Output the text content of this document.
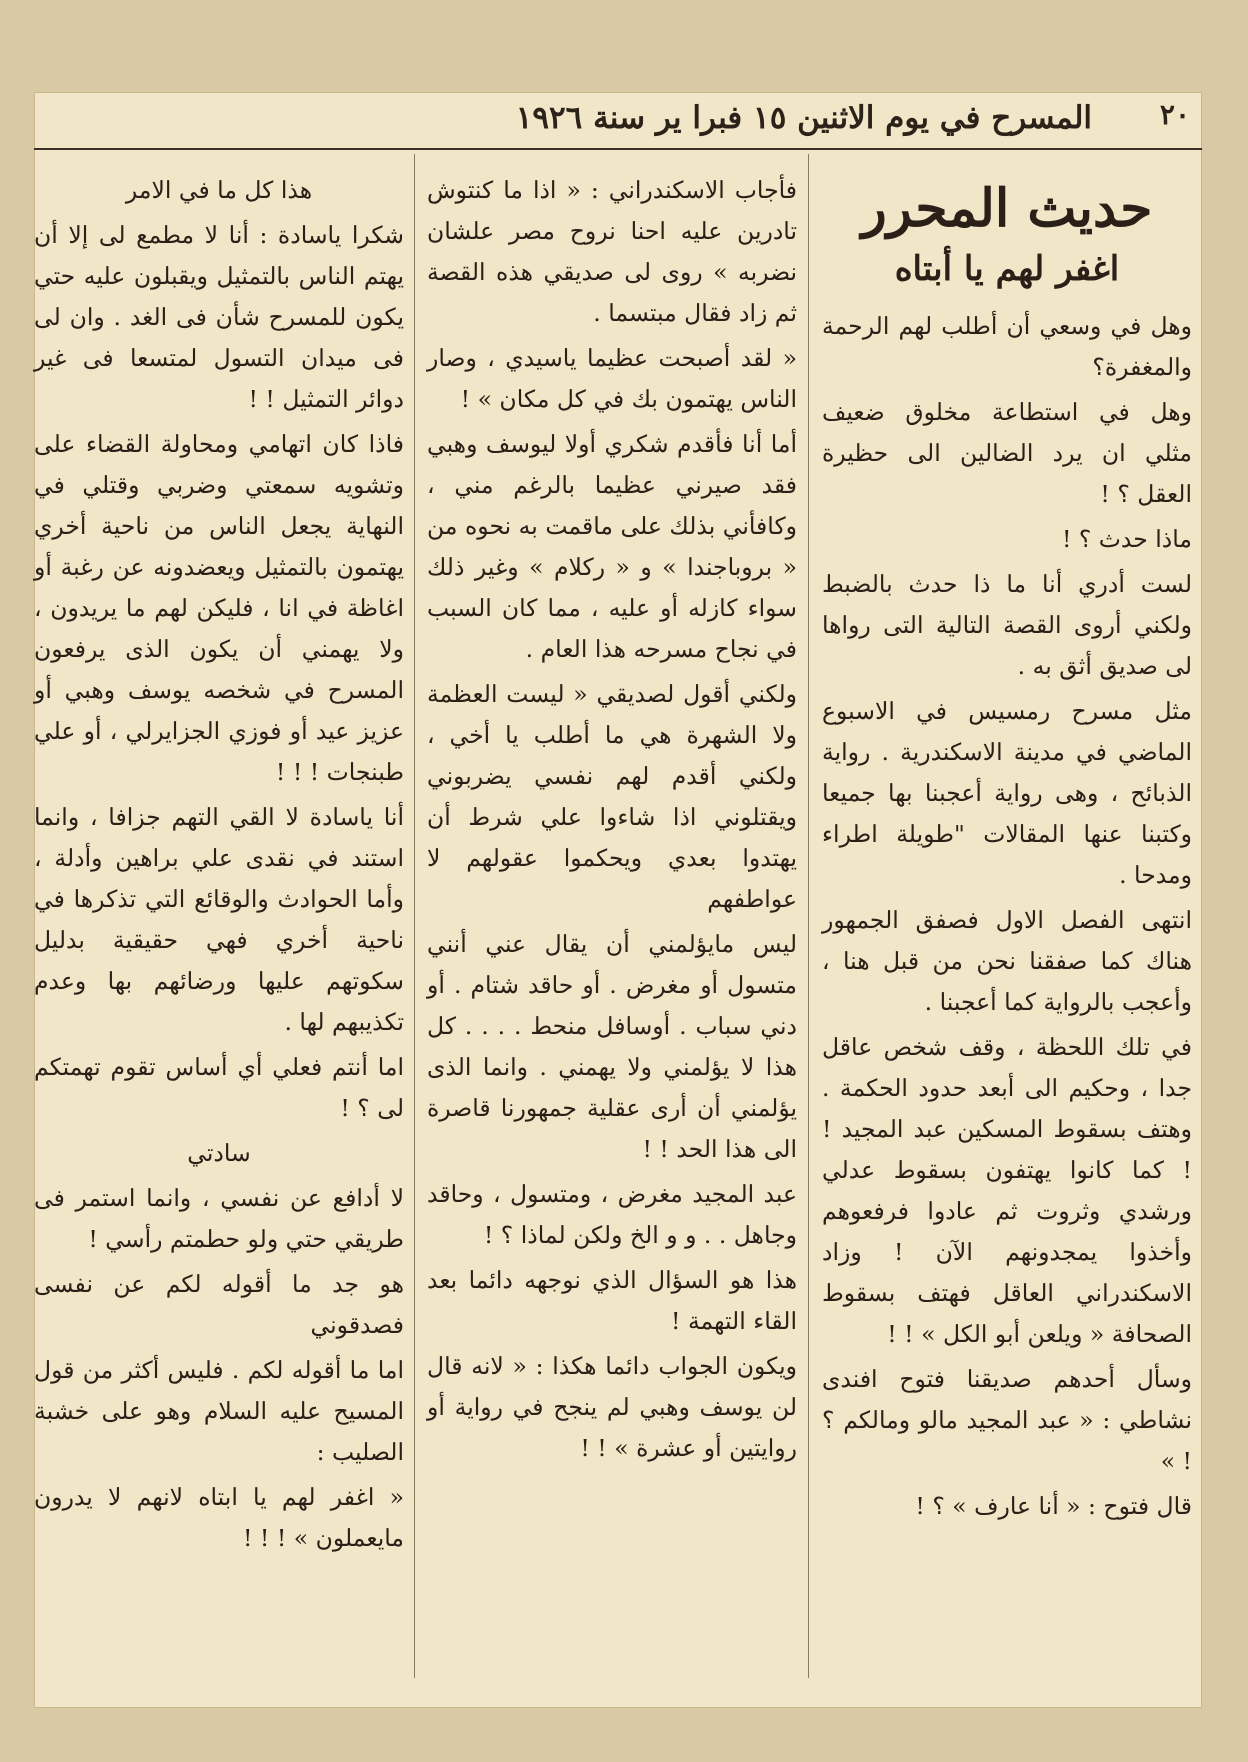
٢٠
المسرح في يوم الاثنين ١٥ فبرا ير سنة ١٩٢٦
حديث المحرر
اغفر لهم يا أبتاه

وهل في وسعي أن أطلب لهم الرحمة والمغفرة؟

وهل في استطاعة مخلوق ضعيف مثلي ان يرد الضالين الى حظيرة العقل ؟ !

ماذا حدث ؟ !

لست أدري أنا ما ذا حدث بالضبط ولكني أروى القصة التالية التى رواها لى صديق أثق به .

مثل مسرح رمسيس في الاسبوع الماضي في مدينة الاسكندرية . رواية الذبائح ، وهى رواية أعجبنا بها جميعا وكتبنا عنها المقالات "طويلة اطراء ومدحا .

انتهى الفصل الاول فصفق الجمهور هناك كما صفقنا نحن من قبل هنا ، وأعجب بالرواية كما أعجبنا .

في تلك اللحظة ، وقف شخص عاقل جدا ، وحكيم الى أبعد حدود الحكمة . وهتف بسقوط المسكين عبد المجيد ! ! كما كانوا يهتفون بسقوط عدلي ورشدي وثروت ثم عادوا فرفعوهم وأخذوا يمجدونهم الآن ! وزاد الاسكندراني العاقل فهتف بسقوط الصحافة « ويلعن أبو الكل » ! !

وسأل أحدهم صديقنا فتوح افندى نشاطي : « عبد المجيد مالو ومالكم ؟ ! »

قال فتوح : « أنا عارف » ؟ !

فأجاب الاسكندراني : « اذا ما كنتوش تادرين عليه احنا نروح مصر علشان نضربه » روى لى صديقي هذه القصة ثم زاد فقال مبتسما .

« لقد أصبحت عظيما ياسيدي ، وصار الناس يهتمون بك في كل مكان » !

أما أنا فأقدم شكري أولا ليوسف وهبي فقد صيرني عظيما بالرغم مني ، وكافأني بذلك على ماقمت به نحوه من « بروباجندا » و « ركلام » وغير ذلك سواء كازله أو عليه ، مما كان السبب في نجاح مسرحه هذا العام .

ولكني أقول لصديقي « ليست العظمة ولا الشهرة هي ما أطلب يا أخي ، ولكني أقدم لهم نفسي يضربوني ويقتلوني اذا شاءوا علي شرط أن يهتدوا بعدي ويحكموا عقولهم لا عواطفهم

ليس مايؤلمني أن يقال عني أنني متسول أو مغرض . أو حاقد شتام . أو دني سباب . أوسافل منحط . . . . كل هذا لا يؤلمني ولا يهمني . وانما الذى يؤلمني أن أرى عقلية جمهورنا قاصرة الى هذا الحد ! !

عبد المجيد مغرض ، ومتسول ، وحاقد وجاهل . . و و الخ ولكن لماذا ؟ !

هذا هو السؤال الذي نوجهه دائما بعد القاء التهمة !

ويكون الجواب دائما هكذا : « لانه قال لن يوسف وهبي لم ينجح في رواية أو روايتين أو عشرة » ! !

هذا كل ما في الامر

شكرا ياسادة : أنا لا مطمع لى إلا أن يهتم الناس بالتمثيل ويقبلون عليه حتي يكون للمسرح شأن فى الغد . وان لى فى ميدان التسول لمتسعا فى غير دوائر التمثيل ! !

فاذا كان اتهامي ومحاولة القضاء على وتشويه سمعتي وضربي وقتلي في النهاية يجعل الناس من ناحية أخري يهتمون بالتمثيل ويعضدونه عن رغبة أو اغاظة في انا ، فليكن لهم ما يريدون ، ولا يهمني أن يكون الذى يرفعون المسرح في شخصه يوسف وهبي أو عزيز عيد أو فوزي الجزايرلي ، أو علي طبنجات ! ! !

أنا ياسادة لا القي التهم جزافا ، وانما استند في نقدى علي براهين وأدلة ، وأما الحوادث والوقائع التي تذكرها في ناحية أخري فهي حقيقية بدليل سكوتهم عليها ورضائهم بها وعدم تكذيبهم لها .

اما أنتم فعلي أي أساس تقوم تهمتكم لى ؟ !

سادتي

لا أدافع عن نفسي ، وانما استمر فى طريقي حتي ولو حطمتم رأسي !

هو جد ما أقوله لكم عن نفسى فصدقوني

اما ما أقوله لكم . فليس أكثر من قول المسيح عليه السلام وهو على خشبة الصليب :

« اغفر لهم يا ابتاه لانهم لا يدرون مايعملون » ! ! !
